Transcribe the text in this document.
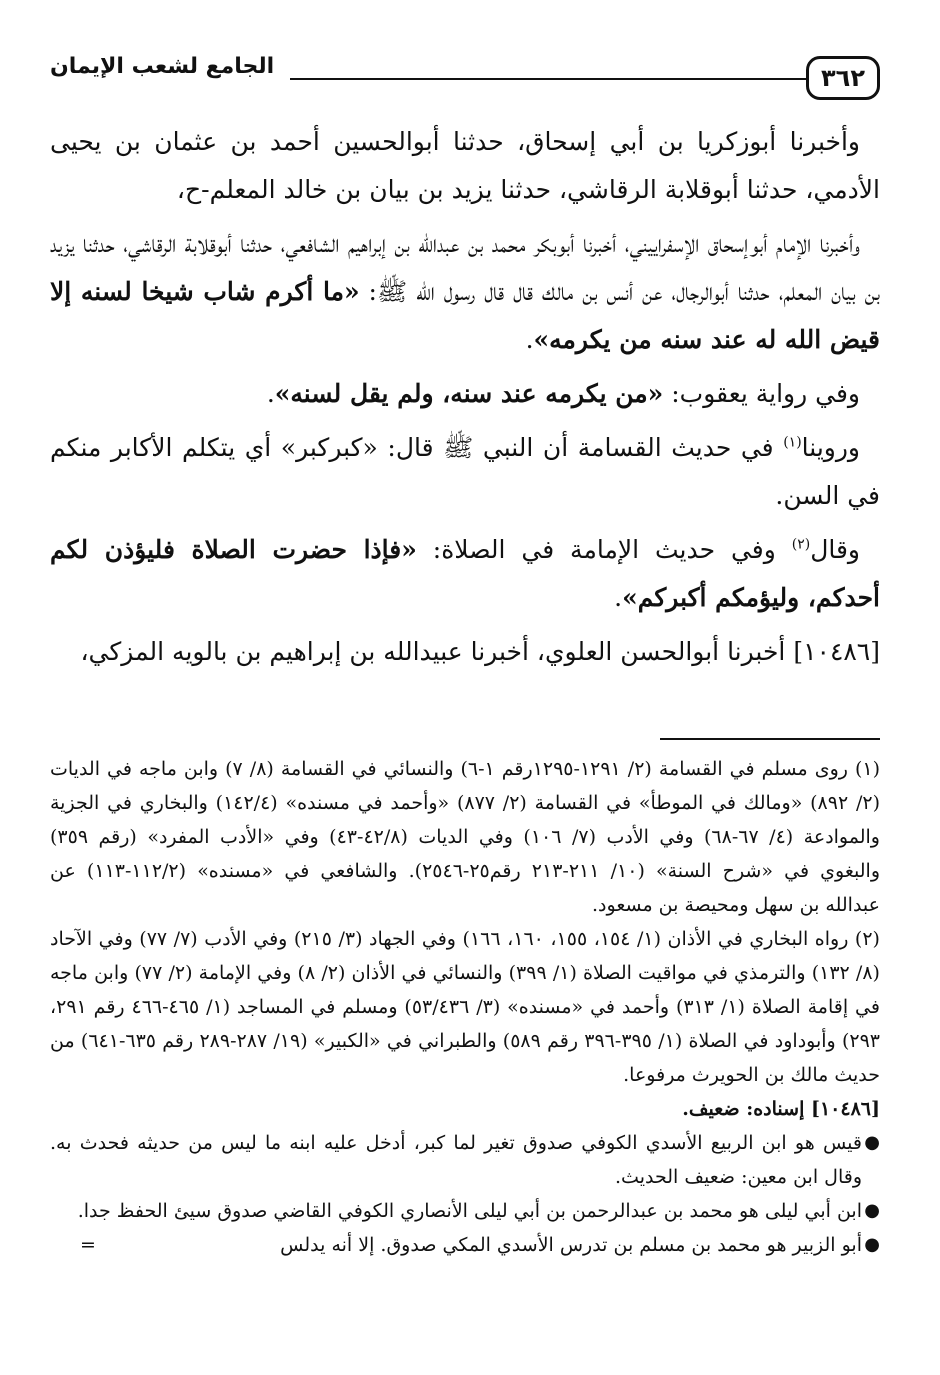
٣٦٢
الجامع لشعب الإيمان

وأخبرنا أبوزكريا بن أبي إسحاق، حدثنا أبوالحسين أحمد بن عثمان بن يحيى الأدمي، حدثنا أبوقلابة الرقاشي، حدثنا يزيد بن بيان بن خالد المعلم-ح،

وأخبرنا الإمام أبوإسحاق الإسفراييني، أخبرنا أبوبكر محمد بن عبدالله بن إبراهيم الشافعي، حدثنا أبوقلابة الرقاشي، حدثنا يزيد بن بيان المعلم، حدثنا أبوالرجال، عن أنس بن مالك قال قال رسول الله ﷺ: «ما أكرم شاب شيخا لسنه إلا قيض الله له عند سنه من يكرمه».

وفي رواية يعقوب: «من يكرمه عند سنه، ولم يقل لسنه».

وروينا$^{(١)}$ في حديث القسامة أن النبي ﷺ قال: «كبركبر» أي يتكلم الأكابر منكم في السن.

وقال$^{(٢)}$ وفي حديث الإمامة في الصلاة: «فإذا حضرت الصلاة فليؤذن لكم أحدكم، وليؤمكم أكبركم».

[١٠٤٨٦] أخبرنا أبوالحسن العلوي، أخبرنا عبيدالله بن إبراهيم بن بالويه المزكي،

(١) روى مسلم في القسامة (٢/ ١٢٩١-١٢٩٥رقم ١-٦) والنسائي في القسامة (٨/ ٧) وابن ماجه في الديات (٢/ ٨٩٢) «ومالك في الموطأ» في القسامة (٢/ ٨٧٧) «وأحمد في مسنده» (١٤٢/٤) والبخاري في الجزية والموادعة (٤/ ٦٧-٦٨) وفي الأدب (٧/ ١٠٦) وفي الديات (٤٢/٨-٤٣) وفي «الأدب المفرد» (رقم ٣٥٩) والبغوي في «شرح السنة» (١٠/ ٢١١-٢١٣ رقم٢٥-٢٥٤٦). والشافعي في «مسنده» (١١٢/٢-١١٣) عن عبدالله بن سهل ومحيصة بن مسعود.

(٢) رواه البخاري في الأذان (١/ ١٥٤، ١٥٥، ١٦٠، ١٦٦) وفي الجهاد (٣/ ٢١٥) وفي الأدب (٧/ ٧٧) وفي الآحاد (٨/ ١٣٢) والترمذي في مواقيت الصلاة (١/ ٣٩٩) والنسائي في الأذان (٢/ ٨) وفي الإمامة (٢/ ٧٧) وابن ماجه في إقامة الصلاة (١/ ٣١٣) وأحمد في «مسنده» (٣/ ٥٣/٤٣٦) ومسلم في المساجد (١/ ٤٦٥-٤٦٦ رقم ٢٩١، ٢٩٣) وأبوداود في الصلاة (١/ ٣٩٥-٣٩٦ رقم ٥٨٩) والطبراني في «الكبير» (١٩/ ٢٨٧-٢٨٩ رقم ٦٣٥-٦٤١) من حديث مالك بن الحويرث مرفوعا.

[١٠٤٨٦] إسناده: ضعيف.

●
قيس هو ابن الربيع الأسدي الكوفي صدوق تغير لما كبر، أدخل عليه ابنه ما ليس من حديثه فحدث به. وقال ابن معين: ضعيف الحديث.

●
ابن أبي ليلى هو محمد بن عبدالرحمن بن أبي ليلى الأنصاري الكوفي القاضي صدوق سيئ الحفظ جدا.

●
أبو الزبير هو محمد بن مسلم بن تدرس الأسدي المكي صدوق. إلا أنه يدلس
=
